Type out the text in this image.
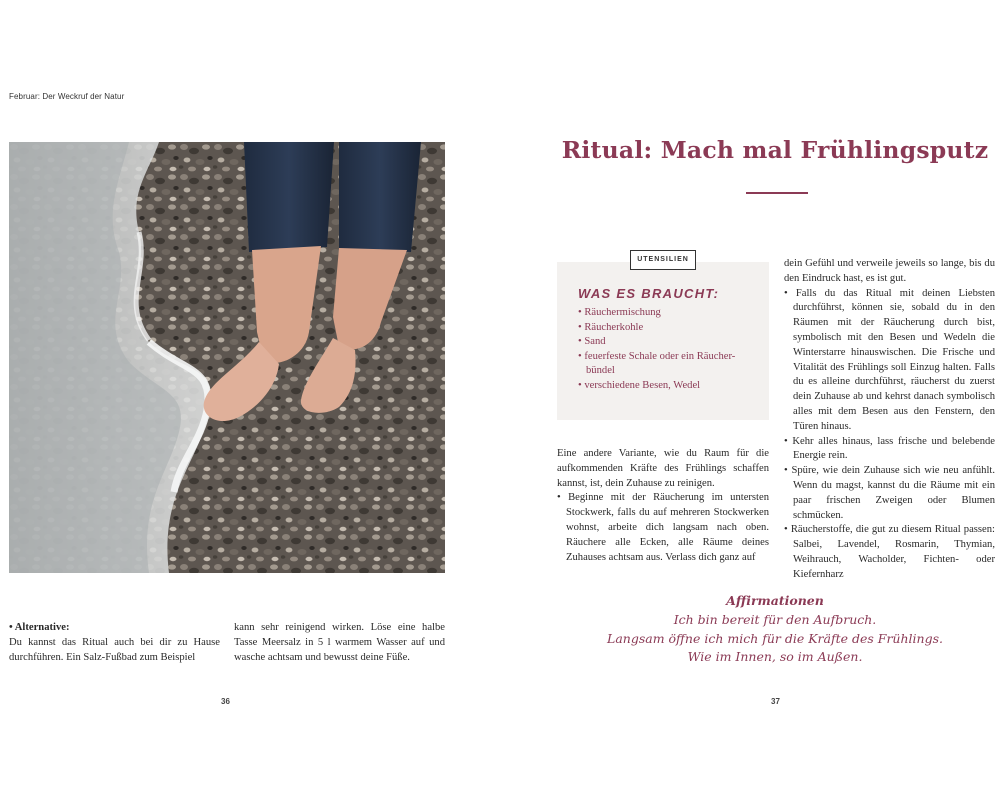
Februar: Der Weckruf der Natur

• Alternative:

Du kannst das Ritual auch bei dir zu Hause durchführen. Ein Salz-Fußbad zum Beispiel

kann sehr reinigend wirken. Löse eine halbe Tasse Meersalz in 5 l warmem Wasser auf und wasche achtsam und bewusst deine Füße.

36
Ritual: Mach mal Frühlingsputz
UTENSILIEN
WAS ES BRAUCHT:
• Räuchermischung
• Räucherkohle
• Sand
• feuerfeste Schale oder ein Räucher-bündel
• verschiedene Besen, Wedel

Eine andere Variante, wie du Raum für die aufkommenden Kräfte des Frühlings schaffen kannst, ist, dein Zuhause zu reinigen.

• Beginne mit der Räucherung im untersten Stockwerk, falls du auf mehreren Stockwerken wohnst, arbeite dich langsam nach oben. Räuchere alle Ecken, alle Räume deines Zuhauses achtsam aus. Verlass dich ganz auf

dein Gefühl und verweile jeweils so lange, bis du den Eindruck hast, es ist gut.

• Falls du das Ritual mit deinen Liebsten durchführst, können sie, sobald du in den Räumen mit der Räucherung durch bist, symbolisch mit den Besen und Wedeln die Winterstarre hinauswischen. Die Frische und Vitalität des Frühlings soll Einzug halten. Falls du es alleine durchführst, räucherst du zuerst dein Zuhause ab und kehrst danach symbolisch alles mit dem Besen aus den Fenstern, den Türen hinaus.

• Kehr alles hinaus, lass frische und belebende Energie rein.

• Spüre, wie dein Zuhause sich wie neu anfühlt. Wenn du magst, kannst du die Räume mit ein paar frischen Zweigen oder Blumen schmücken.

• Räucherstoffe, die gut zu diesem Ritual passen: Salbei, Lavendel, Rosmarin, Thymian, Weihrauch, Wacholder, Fichten- oder Kiefernharz

Affirmationen
Ich bin bereit für den Aufbruch.
Langsam öffne ich mich für die Kräfte des Frühlings.
Wie im Innen, so im Außen.
37
